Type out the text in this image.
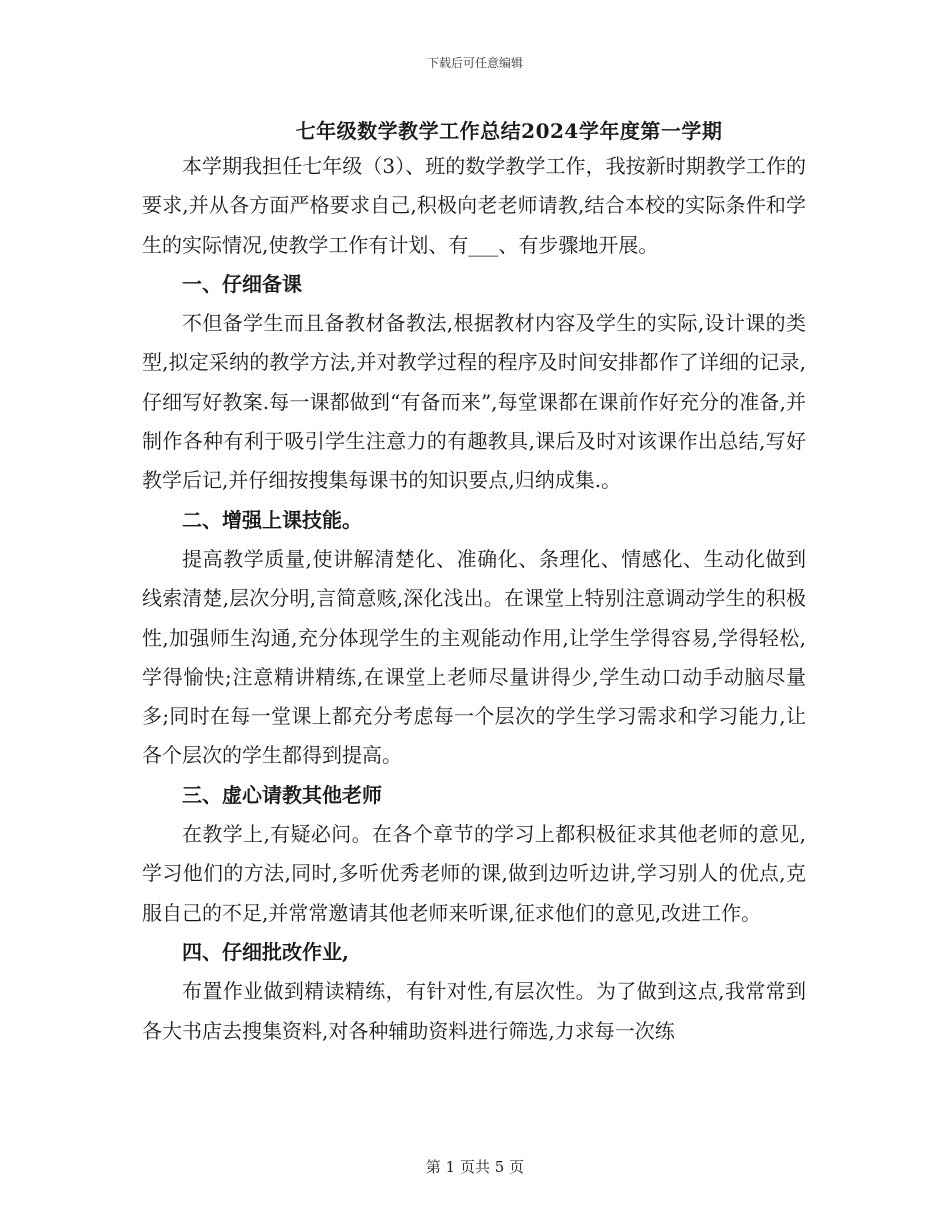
下载后可任意编辑
七年级数学教学工作总结2024学年度第一学期

本学期我担任七年级（3）、班的数学教学工作，我按新时期教学工作的要求,并从各方面严格要求自己,积极向老老师请教,结合本校的实际条件和学生的实际情况,使教学工作有计划、有___、有步骤地开展。

一、仔细备课

不但备学生而且备教材备教法,根据教材内容及学生的实际,设计课的类型,拟定采纳的教学方法,并对教学过程的程序及时间安排都作了详细的记录,仔细写好教案.每一课都做到“有备而来”,每堂课都在课前作好充分的准备,并制作各种有利于吸引学生注意力的有趣教具,课后及时对该课作出总结,写好教学后记,并仔细按搜集每课书的知识要点,归纳成集.。

二、增强上课技能。

提高教学质量,使讲解清楚化、准确化、条理化、情感化、生动化做到线索清楚,层次分明,言简意赅,深化浅出。在课堂上特别注意调动学生的积极性,加强师生沟通,充分体现学生的主观能动作用,让学生学得容易,学得轻松,学得愉快;注意精讲精练,在课堂上老师尽量讲得少,学生动口动手动脑尽量多;同时在每一堂课上都充分考虑每一个层次的学生学习需求和学习能力,让各个层次的学生都得到提高。

三、虚心请教其他老师

在教学上,有疑必问。在各个章节的学习上都积极征求其他老师的意见,学习他们的方法,同时,多听优秀老师的课,做到边听边讲,学习别人的优点,克服自己的不足,并常常邀请其他老师来听课,征求他们的意见,改进工作。

四、仔细批改作业,

布置作业做到精读精练，有针对性,有层次性。为了做到这点,我常常到各大书店去搜集资料,对各种辅助资料进行筛选,力求每一次练

第 1 页共 5 页
